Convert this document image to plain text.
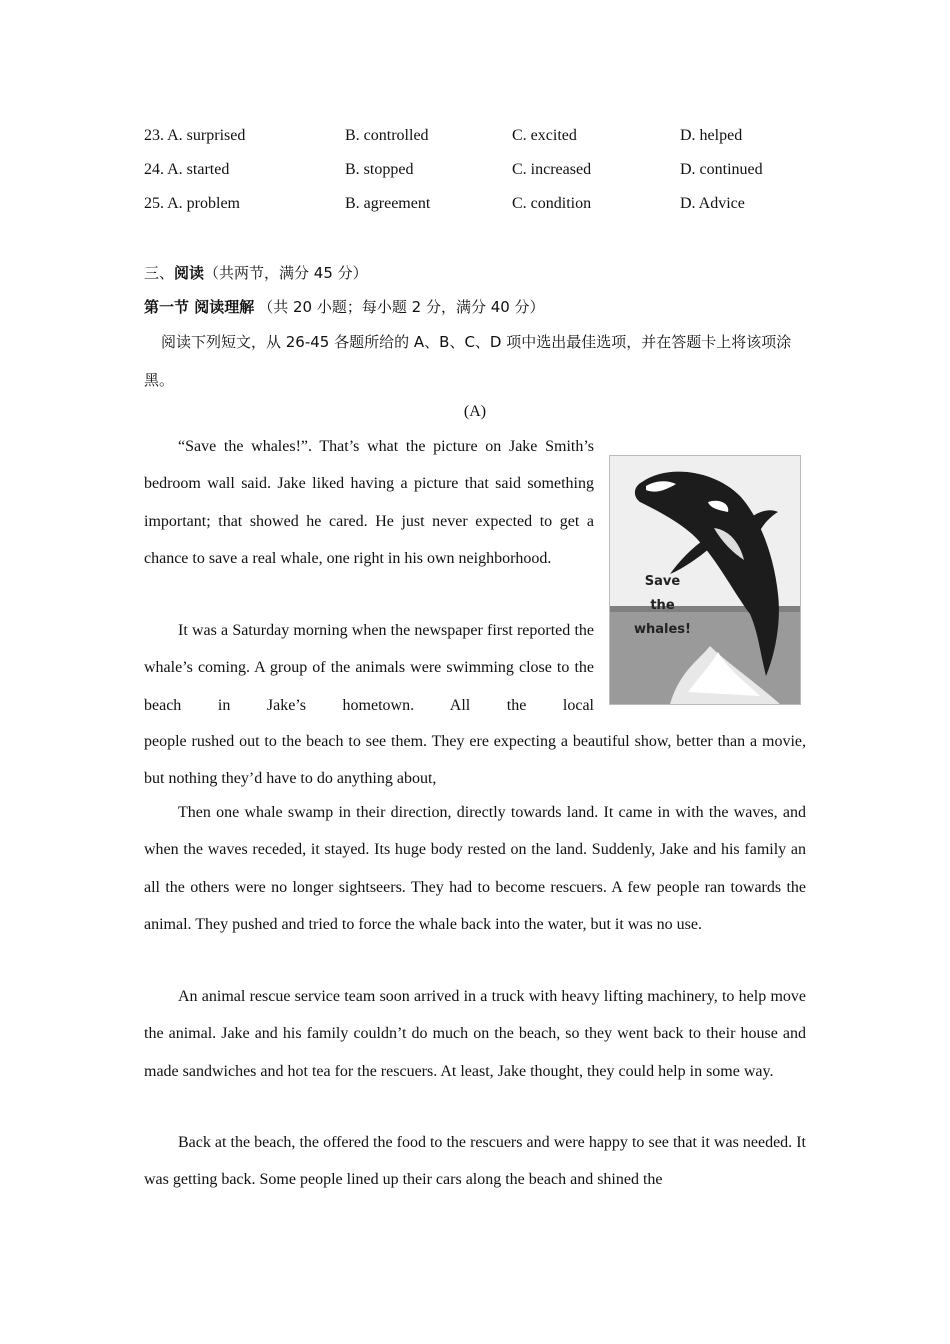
23. A. surprised	B. controlled	C. excited	D. helped
24. A. started	B. stopped	C. increased	D. continued
25. A. problem	B. agreement	C. condition	D. Advice
三、阅读（共两节，满分 45 分）
第一节 阅读理解 （共 20 小题；每小题 2 分，满分 40 分）
阅读下列短文，从 26-45 各题所给的 A、B、C、D 项中选出最佳选项，并在答题卡上将该项涂
黑。
(A)

“Save the whales!”. That’s what the picture on Jake Smith’s bedroom wall said. Jake liked having a picture that said something important; that showed he cared. He just never expected to get a chance to save a real whale, one right in his own neighborhood.

It was a Saturday morning when the newspaper first reported the whale’s coming. A group of the animals were swimming close to the beach in Jake’s hometown. All the local

Save
the
whales!

people rushed out to the beach to see them. They ere expecting a beautiful show, better than a movie, but nothing they’d have to do anything about,

Then one whale swamp in their direction, directly towards land. It came in with the waves, and when the waves receded, it stayed. Its huge body rested on the land. Suddenly, Jake and his family an all the others were no longer sightseers. They had to become rescuers. A few people ran towards the animal. They pushed and tried to force the whale back into the water, but it was no use.

An animal rescue service team soon arrived in a truck with heavy lifting machinery, to help move the animal. Jake and his family couldn’t do much on the beach, so they went back to their house and made sandwiches and hot tea for the rescuers. At least, Jake thought, they could help in some way.

Back at the beach, the offered the food to the rescuers and were happy to see that it was needed. It was getting back. Some people lined up their cars along the beach and shined the
